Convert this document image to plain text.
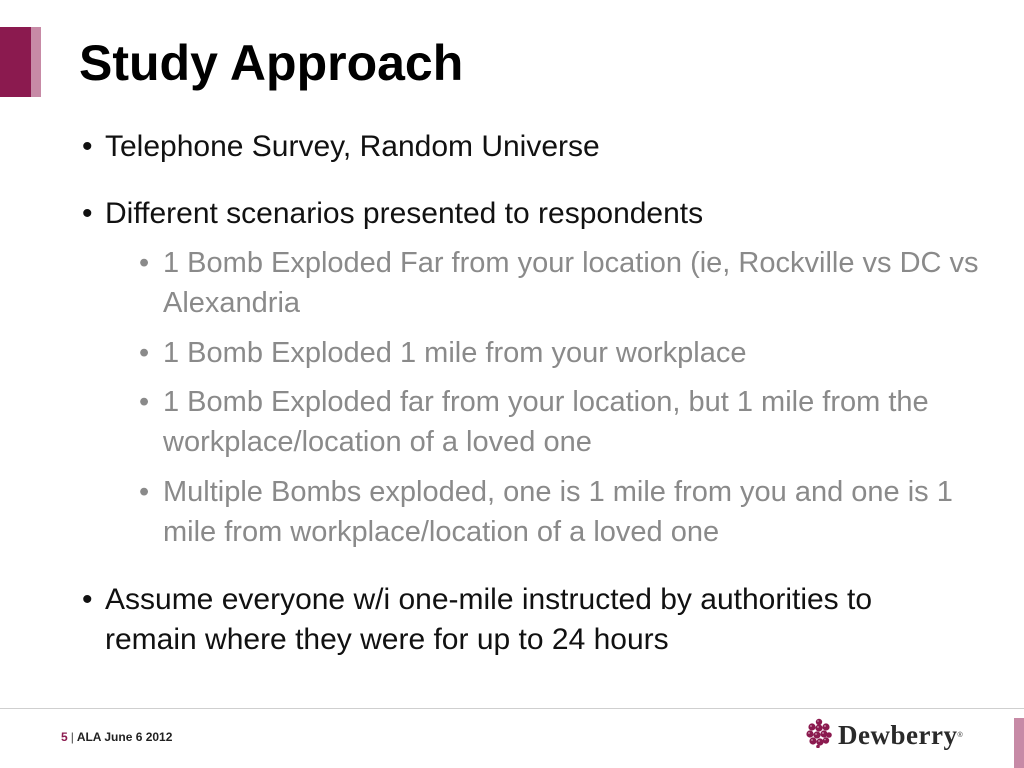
Study Approach
• Telephone Survey, Random Universe
• Different scenarios presented to respondents
• 1 Bomb Exploded Far from your location (ie, Rockville vs DC vs Alexandria
• 1 Bomb Exploded 1 mile from your workplace
• 1 Bomb Exploded far from your location, but 1 mile from the workplace/location of a loved one
• Multiple Bombs exploded, one is 1 mile from you and one is 1 mile from workplace/location of a loved one
• Assume everyone w/i one-mile instructed by authorities to remain where they were for up to 24 hours
5 | ALA June 6 2012	Dewberry ®
